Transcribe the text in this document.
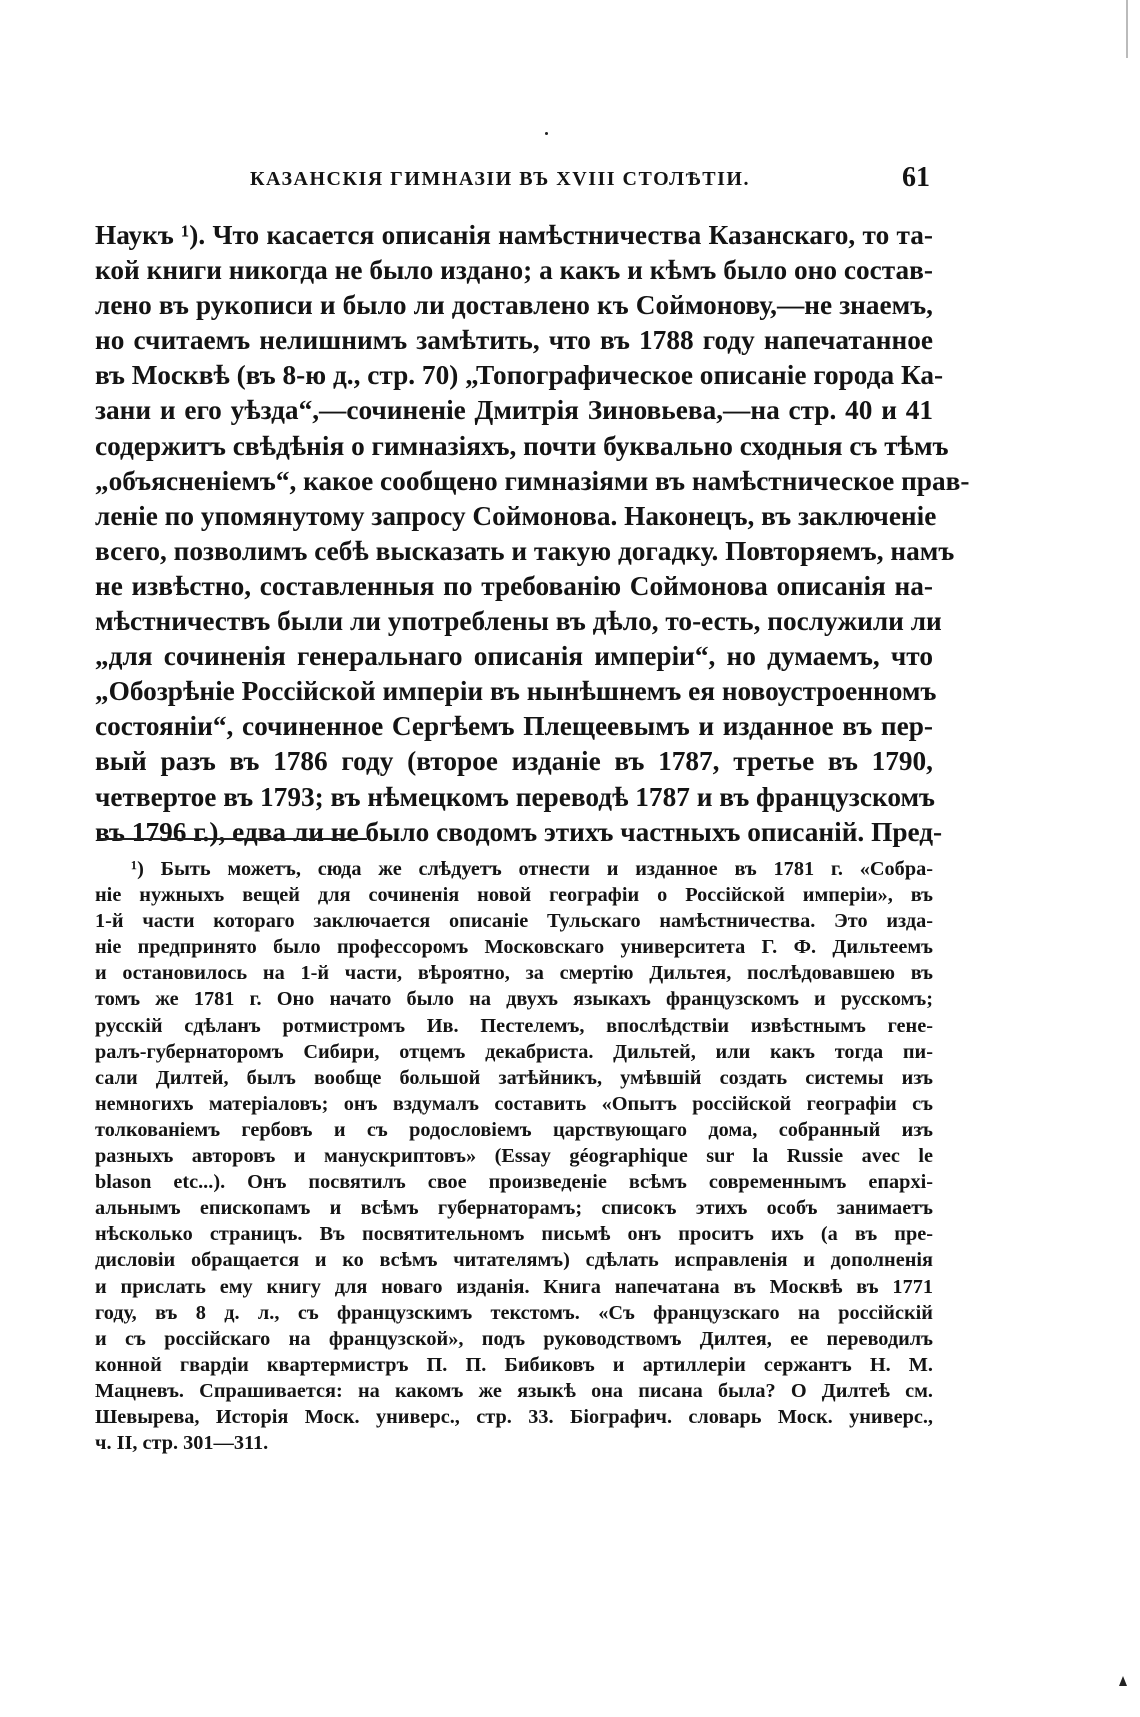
КАЗАНСКІЯ ГИМНАЗІИ ВЪ XVIII СТОЛѢТІИ.	61
Наукъ ¹). Что касается описанія намѣстничества Казанскаго, то та-
кой книги никогда не было издано; а какъ и кѣмъ было оно состав-
лено въ рукописи и было ли доставлено къ Соймонову,—не знаемъ,
но считаемъ нелишнимъ замѣтить, что въ 1788 году напечатанное
въ Москвѣ (въ 8-ю д., стр. 70) „Топографическое описаніе города Ка-
зани и его уѣзда“,—сочиненіе Дмитрія Зиновьева,—на стр. 40 и 41
содержитъ свѣдѣнія о гимназіяхъ, почти буквально сходныя съ тѣмъ
„объясненіемъ“, какое сообщено гимназіями въ намѣстническое прав-
леніе по упомянутому запросу Соймонова. Наконецъ, въ заключеніе
всего, позволимъ себѣ высказать и такую догадку. Повторяемъ, намъ
не извѣстно, составленныя по требованію Соймонова описанія на-
мѣстничествъ были ли употреблены въ дѣло, то-есть, послужили ли
„для сочиненія генеральнаго описанія имперіи“, но думаемъ, что
„Обозрѣніе Россійской имперіи въ нынѣшнемъ ея новоустроенномъ
состояніи“, сочиненное Сергѣемъ Плещеевымъ и изданное въ пер-
вый разъ въ 1786 году (второе изданіе въ 1787, третье въ 1790,
четвертое въ 1793; въ нѣмецкомъ переводѣ 1787 и въ французскомъ
въ 1796 г.), едва ли не было сводомъ этихъ частныхъ описаній. Пред-
¹) Быть можетъ, сюда же слѣдуетъ отнести и изданное въ 1781 г. «Собра-
ніе нужныхъ вещей для сочиненія новой географіи о Россійской имперіи», въ
1-й части котораго заключается описаніе Тульскаго намѣстничества. Это изда-
ніе предпринято было профессоромъ Московскаго университета Г. Ф. Дильтеемъ
и остановилось на 1-й части, вѣроятно, за смертію Дильтея, послѣдовавшею въ
томъ же 1781 г. Оно начато было на двухъ языкахъ французскомъ и русскомъ;
русскій сдѣланъ ротмистромъ Ив. Пестелемъ, впослѣдствіи извѣстнымъ гене-
ралъ-губернаторомъ Сибири, отцемъ декабриста. Дильтей, или какъ тогда пи-
сали Дилтей, былъ вообще большой затѣйникъ, умѣвшій создать системы изъ
немногихъ матеріаловъ; онъ вздумалъ составить «Опытъ россійской географіи съ
толкованіемъ гербовъ и съ родословіемъ царствующаго дома, собранный изъ
разныхъ авторовъ и манускриптовъ» (Essay géographique sur la Russie avec le
blason etc...). Онъ посвятилъ свое произведеніе всѣмъ современнымъ епархі-
альнымъ епископамъ и всѣмъ губернаторамъ; списокъ этихъ особъ занимаетъ
нѣсколько страницъ. Въ посвятительномъ письмѣ онъ проситъ ихъ (а въ пре-
дисловіи обращается и ко всѣмъ читателямъ) сдѣлать исправленія и дополненія
и прислать ему книгу для новаго изданія. Книга напечатана въ Москвѣ въ 1771
году, въ 8 д. л., съ французскимъ текстомъ. «Съ французскаго на россійскій
и съ россійскаго на французской», подъ руководствомъ Дилтея, ее переводилъ
конной гвардіи квартермистръ П. П. Бибиковъ и артиллеріи сержантъ Н. М.
Мацневъ. Спрашивается: на какомъ же языкѣ она писана была? О Дилтеѣ см.
Шевырева, Исторія Моск. универс., стр. 33. Біографич. словарь Моск. универс.,
ч. II, стр. 301—311.
